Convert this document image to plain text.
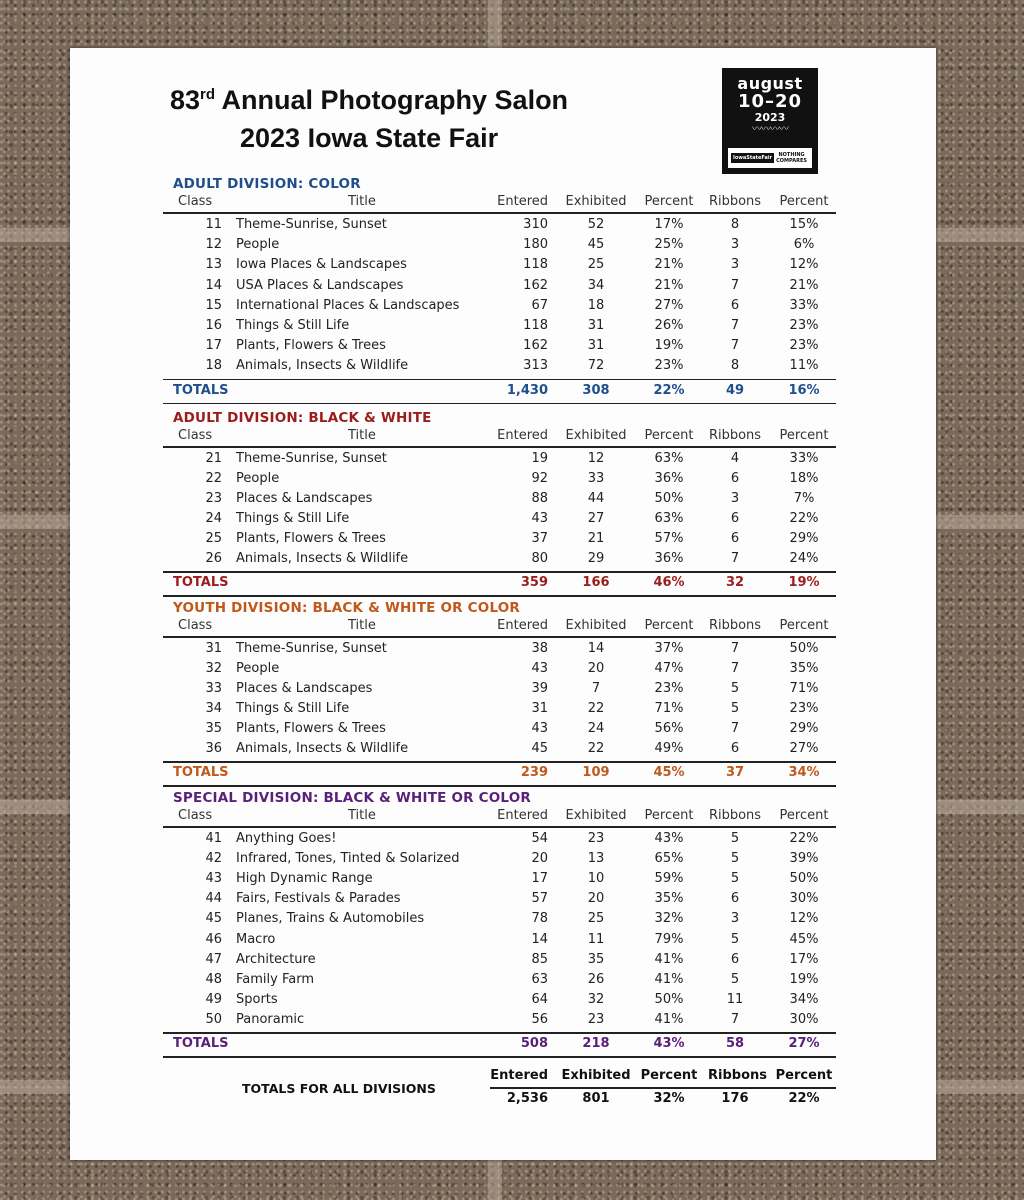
83rd Annual Photography Salon
2023 Iowa State Fair
august
10–20
2023
〰〰〰〰
IowaStateFair	NOTHING COMPARES
ADULT DIVISION: COLOR
Class	Title	Entered	Exhibited	Percent	Ribbons	Percent
11 Theme-Sunrise, Sunset	310	52	17%	8	15%
12 People	180	45	25%	3	6%
13 Iowa Places & Landscapes	118	25	21%	3	12%
14 USA Places & Landscapes	162	34	21%	7	21%
15 International Places & Landscapes	67	18	27%	6	33%
16 Things & Still Life	118	31	26%	7	23%
17 Plants, Flowers & Trees	162	31	19%	7	23%
18 Animals, Insects & Wildlife	313	72	23%	8	11%
TOTALS	1,430	308	22%	49	16%
ADULT DIVISION: BLACK & WHITE
Class	Title	Entered	Exhibited	Percent	Ribbons	Percent
21 Theme-Sunrise, Sunset	19	12	63%	4	33%
22 People	92	33	36%	6	18%
23 Places & Landscapes	88	44	50%	3	7%
24 Things & Still Life	43	27	63%	6	22%
25 Plants, Flowers & Trees	37	21	57%	6	29%
26 Animals, Insects & Wildlife	80	29	36%	7	24%
TOTALS	359	166	46%	32	19%
YOUTH DIVISION: BLACK & WHITE OR COLOR
Class	Title	Entered	Exhibited	Percent	Ribbons	Percent
31 Theme-Sunrise, Sunset	38	14	37%	7	50%
32 People	43	20	47%	7	35%
33 Places & Landscapes	39	7	23%	5	71%
34 Things & Still Life	31	22	71%	5	23%
35 Plants, Flowers & Trees	43	24	56%	7	29%
36 Animals, Insects & Wildlife	45	22	49%	6	27%
TOTALS	239	109	45%	37	34%
SPECIAL DIVISION: BLACK & WHITE OR COLOR
Class	Title	Entered	Exhibited	Percent	Ribbons	Percent
41 Anything Goes!	54	23	43%	5	22%
42 Infrared, Tones, Tinted & Solarized	20	13	65%	5	39%
43 High Dynamic Range	17	10	59%	5	50%
44 Fairs, Festivals & Parades	57	20	35%	6	30%
45 Planes, Trains & Automobiles	78	25	32%	3	12%
46 Macro	14	11	79%	5	45%
47 Architecture	85	35	41%	6	17%
48 Family Farm	63	26	41%	5	19%
49 Sports	64	32	50%	11	34%
50 Panoramic	56	23	41%	7	30%
TOTALS	508	218	43%	58	27%
TOTALS FOR ALL DIVISIONS
Entered Exhibited Percent Ribbons Percent
2,536	801	32%	176	22%
